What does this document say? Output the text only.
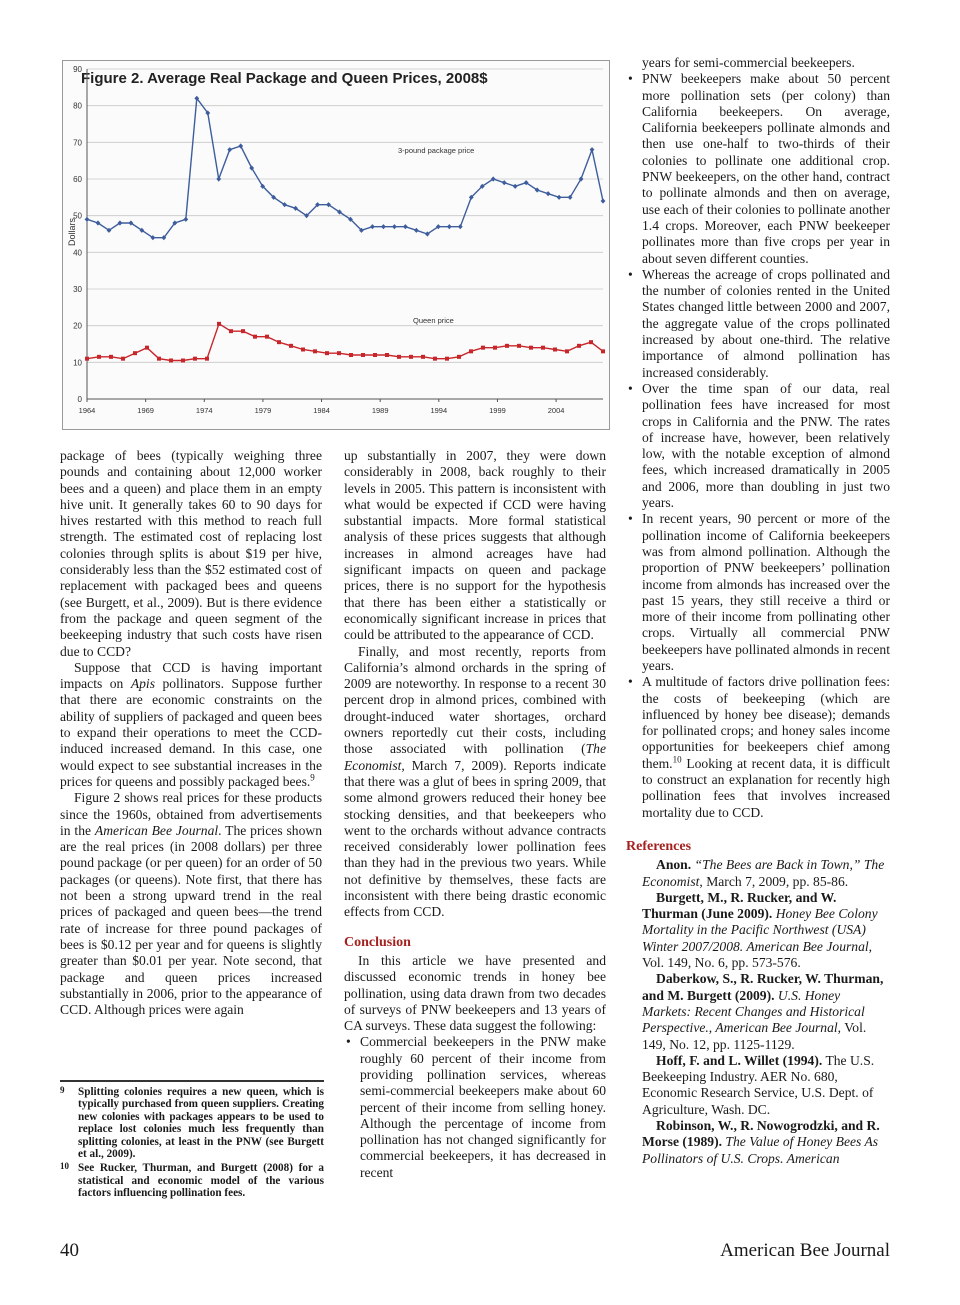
Figure 2. Average Real Package and Queen Prices, 2008$
Dollars
0
10
20
30
40
50
60
70
80
90
1964	1969	1974	1979	1984	1989	1994	1999	2004
3-pound package price
Queen price

package of bees (typically weighing three pounds and containing about 12,000 worker bees and a queen) and place them in an empty hive unit. It generally takes 60 to 90 days for hives restarted with this method to reach full strength. The estimated cost of replacing lost colonies through splits is about $19 per hive, considerably less than the $52 estimated cost of replacement with packaged bees and queens (see Burgett, et al., 2009). But is there evidence from the package and queen segment of the beekeeping industry that such costs have risen due to CCD?

Suppose that CCD is having important impacts on Apis pollinators. Suppose further that there are economic constraints on the ability of suppliers of packaged and queen bees to expand their operations to meet the CCD-induced increased demand. In this case, one would expect to see substantial increases in the prices for queens and possibly packaged bees.$^9$

Figure 2 shows real prices for these products since the 1960s, obtained from advertisements in the American Bee Journal. The prices shown are the real prices (in 2008 dollars) per three pound package (or per queen) for an order of 50 packages (or queens). Note first, that there has not been a strong upward trend in the real prices of packaged and queen bees—the trend rate of increase for three pound packages of bees is $0.12 per year and for queens is slightly greater than $0.01 per year. Note second, that package and queen prices increased substantially in 2006, prior to the appearance of CCD. Although prices were again

9 Splitting colonies requires a new queen, which is typically purchased from queen suppliers. Creating new colonies with packages appears to be used to replace lost colonies much less frequently than splitting colonies, at least in the PNW (see Burgett et al., 2009).
10 See Rucker, Thurman, and Burgett (2008) for a statistical and economic model of the various factors influencing pollination fees.

up substantially in 2007, they were down considerably in 2008, back roughly to their levels in 2005. This pattern is inconsistent with what would be expected if CCD were having substantial impacts. More formal statistical analysis of these prices suggests that although increases in almond acreages have had significant impacts on queen and package prices, there is no support for the hypothesis that there has been either a statistically or economically significant increase in prices that could be attributed to the appearance of CCD.

Finally, and most recently, reports from California’s almond orchards in the spring of 2009 are noteworthy. In response to a recent 30 percent drop in almond prices, combined with drought-induced water shortages, orchard owners reportedly cut their costs, including those associated with pollination (The Economist, March 7, 2009). Reports indicate that there was a glut of bees in spring 2009, that some almond growers reduced their honey bee stocking densities, and that beekeepers who went to the orchards without advance contracts received considerably lower pollination fees than they had in the previous two years. While not definitive by themselves, these facts are inconsistent with there being drastic economic effects from CCD.

Conclusion

In this article we have presented and discussed economic trends in honey bee pollination, using data drawn from two decades of surveys of PNW beekeepers and 13 years of CA surveys. These data suggest the following:

• Commercial beekeepers in the PNW make roughly 60 percent of their income from providing pollination services, whereas semi-commercial beekeepers make about 60 percent of their income from selling honey. Although the percentage of income from pollination has not changed significantly for commercial beekeepers, it has decreased in recent
years for semi-commercial beekeepers.
• PNW beekeepers make about 50 percent more pollination sets (per colony) than California beekeepers. On average, California beekeepers pollinate almonds and then use one-half to two-thirds of their colonies to pollinate one additional crop. PNW beekeepers, on the other hand, contract to pollinate almonds and then on average, use each of their colonies to pollinate another 1.4 crops. Moreover, each PNW beekeeper pollinates more than five crops per year in about seven different counties.
• Whereas the acreage of crops pollinated and the number of colonies rented in the United States changed little between 2000 and 2007, the aggregate value of the crops pollinated increased by about one-third. The relative importance of almond pollination has increased considerably.
• Over the time span of our data, real pollination fees have increased for most crops in California and the PNW. The rates of increase have, however, been relatively low, with the notable exception of almond fees, which increased dramatically in 2005 and 2006, more than doubling in just two years.
• In recent years, 90 percent or more of the pollination income of California beekeepers was from almond pollination. Although the proportion of PNW beekeepers’ pollination income from almonds has increased over the past 15 years, they still receive a third or more of their income from pollinating other crops. Virtually all commercial PNW beekeepers have pollinated almonds in recent years.
• A multitude of factors drive pollination fees: the costs of beekeeping (which are influenced by honey bee disease); demands for pollinated crops; and honey sales income opportunities for beekeepers chief among them.$^{10}$ Looking at recent data, it is difficult to construct an explanation for recently high pollination fees that involves increased mortality due to CCD.
References

Anon. “The Bees are Back in Town,” The Economist, March 7, 2009, pp. 85-86.

Burgett, M., R. Rucker, and W. Thurman (June 2009). Honey Bee Colony Mortality in the Pacific Northwest (USA) Winter 2007/2008. American Bee Journal, Vol. 149, No. 6, pp. 573-576.

Daberkow, S., R. Rucker, W. Thurman, and M. Burgett (2009). U.S. Honey Markets: Recent Changes and Historical Perspective., American Bee Journal, Vol. 149, No. 12, pp. 1125-1129.

Hoff, F. and L. Willet (1994). The U.S. Beekeeping Industry. AER No. 680, Economic Research Service, U.S. Dept. of Agriculture, Wash. DC.

Robinson, W., R. Nowogrodzki, and R. Morse (1989). The Value of Honey Bees As Pollinators of U.S. Crops. American

40	American Bee Journal
